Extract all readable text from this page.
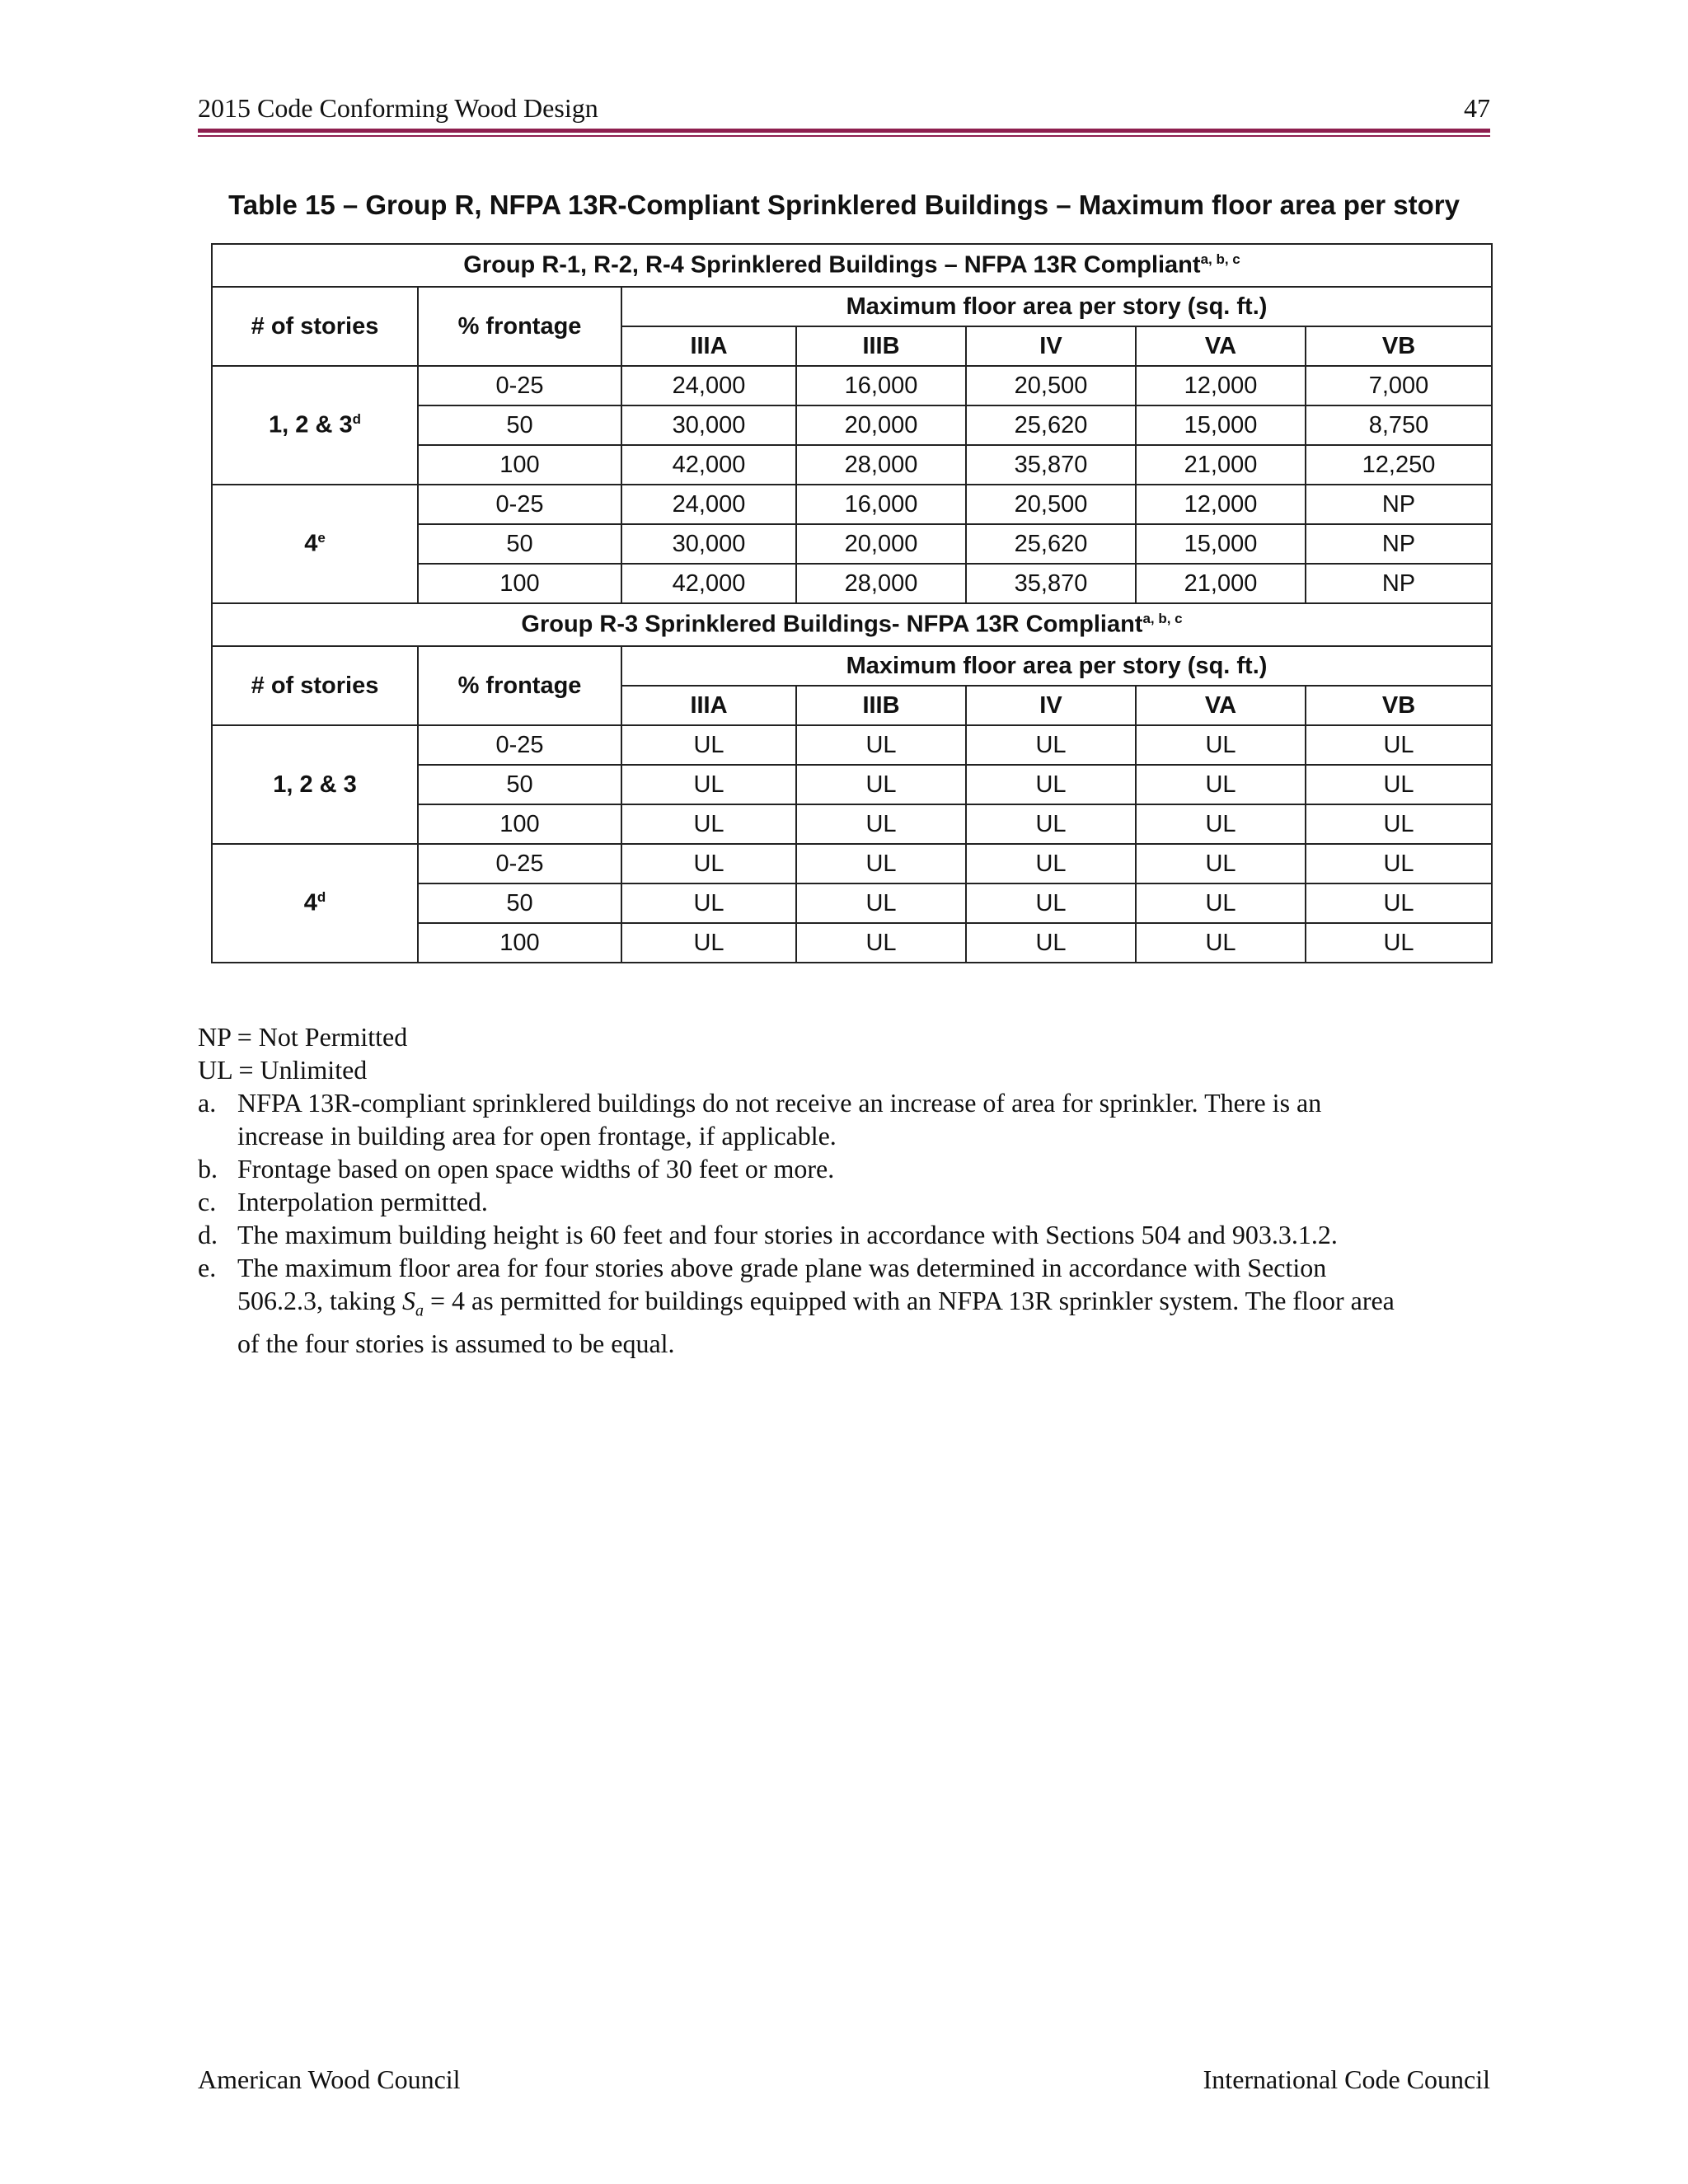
2015 Code Conforming Wood Design	47
Table 15 – Group R, NFPA 13R-Compliant Sprinklered Buildings – Maximum floor area per story
Group R-1, R-2, R-4 Sprinklered Buildings – NFPA 13R Compliant$^{a, b, c}$
# of stories	% frontage	Maximum floor area per story (sq. ft.)				
		IIIA	IIIB	IV	VA	VB
1, 2 & 3$^d$	0-25	24,000	16,000	20,500	12,000	7,000
	50	30,000	20,000	25,620	15,000	8,750
	100	42,000	28,000	35,870	21,000	12,250
4e	0-25	24,000	16,000	20,500	12,000	NP
	50	30,000	20,000	25,620	15,000	NP
	100	42,000	28,000	35,870	21,000	NP
Group R-3 Sprinklered Buildings- NFPA 13R Compliant$^{a, b, c}$
# of stories	% frontage	Maximum floor area per story (sq. ft.)				
		IIIA	IIIB	IV	VA	VB
1, 2 & 3	0-25	UL	UL	UL	UL	UL
	50	UL	UL	UL	UL	UL
	100	UL	UL	UL	UL	UL
4$^d$	0-25	UL	UL	UL	UL	UL
	50	UL	UL	UL	UL	UL
	100	UL	UL	UL	UL	UL
NP = Not Permitted
UL = Unlimited
a. NFPA 13R-compliant sprinklered buildings do not receive an increase of area for sprinkler. There is an
increase in building area for open frontage, if applicable.
b. Frontage based on open space widths of 30 feet or more.
c. Interpolation permitted.
d. The maximum building height is 60 feet and four stories in accordance with Sections 504 and 903.3.1.2.
e. The maximum floor area for four stories above grade plane was determined in accordance with Section
506.2.3, taking $S_a = 4$ as permitted for buildings equipped with an NFPA 13R sprinkler system. The floor area
of the four stories is assumed to be equal.
American Wood Council	International Code Council
